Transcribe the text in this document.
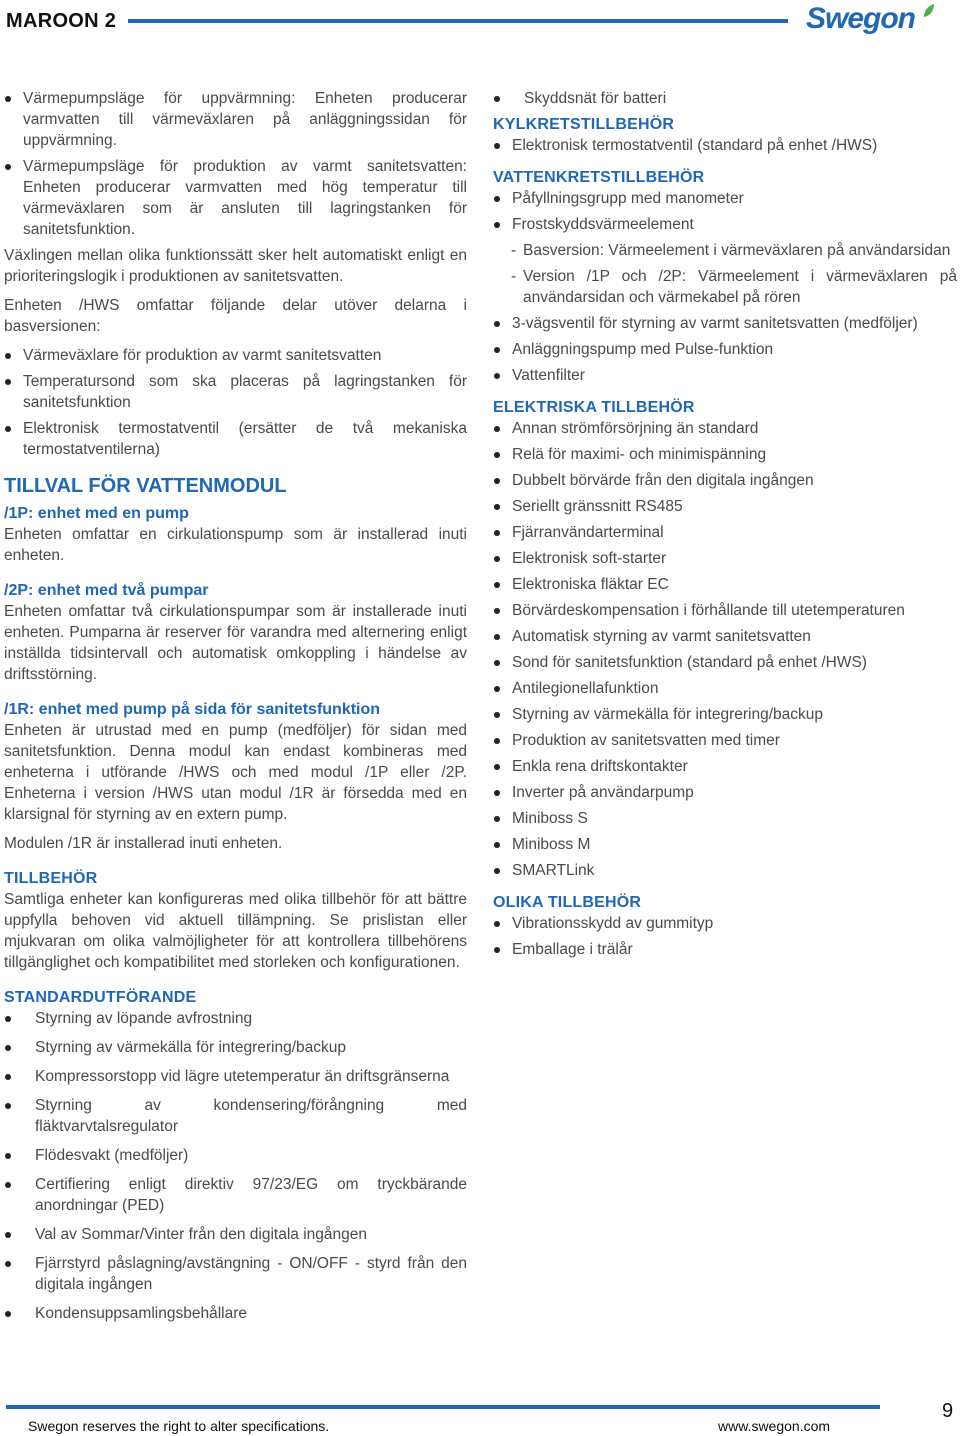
MAROON 2	Swegon
Värmepumpsläge för uppvärmning: Enheten producerar varmvatten till värmeväxlaren på anläggningssidan för uppvärmning.
Värmepumpsläge för produktion av varmt sanitetsvatten: Enheten producerar varmvatten med hög temperatur till värmeväxlaren som är ansluten till lagringstanken för sanitetsfunktion.

Växlingen mellan olika funktionssätt sker helt automatiskt enligt en prioriteringslogik i produktionen av sanitetsvatten.

Enheten /HWS omfattar följande delar utöver delarna i basversionen:

Värmeväxlare för produktion av varmt sanitetsvatten
Temperatursond som ska placeras på lagringstanken för sanitetsfunktion
Elektronisk termostatventil (ersätter de två mekaniska termostatventilerna)
TILLVAL FÖR VATTENMODUL
/1P: enhet med en pump

Enheten omfattar en cirkulationspump som är installerad inuti enheten.

/2P: enhet med två pumpar

Enheten omfattar två cirkulationspumpar som är installerade inuti enheten. Pumparna är reserver för varandra med alternering enligt inställda tidsintervall och automatisk omkoppling i händelse av driftsstörning.

/1R: enhet med pump på sida för sanitetsfunktion

Enheten är utrustad med en pump (medföljer) för sidan med sanitetsfunktion. Denna modul kan endast kombineras med enheterna i utförande /HWS och med modul /1P eller /2P. Enheterna i version /HWS utan modul /1R är försedda med en klarsignal för styrning av en extern pump.

Modulen /1R är installerad inuti enheten.

TILLBEHÖR

Samtliga enheter kan konfigureras med olika tillbehör för att bättre uppfylla behoven vid aktuell tillämpning. Se prislistan eller mjukvaran om olika valmöjligheter för att kontrollera tillbehörens tillgänglighet och kompatibilitet med storleken och konfigurationen.

STANDARDUTFÖRANDE
Styrning av löpande avfrostning
Styrning av värmekälla för integrering/backup
Kompressorstopp vid lägre utetemperatur än driftsgränserna
Styrning av kondensering/förångning med fläktvarvtalsregulator
Flödesvakt (medföljer)
Certifiering enligt direktiv 97/23/EG om tryckbärande anordningar (PED)
Val av Sommar/Vinter från den digitala ingången
Fjärrstyrd påslagning/avstängning - ON/OFF - styrd från den digitala ingången
Kondensuppsamlingsbehållare
Skyddsnät för batteri
KYLKRETSTILLBEHÖR
Elektronisk termostatventil (standard på enhet /HWS)
VATTENKRETSTILLBEHÖR
Påfyllningsgrupp med manometer
Frostskyddsvärmeelement
- Basversion: Värmeelement i värmeväxlaren på användarsidan
- Version /1P och /2P: Värmeelement i värmeväxlaren på användarsidan och värmekabel på rören
3-vägsventil för styrning av varmt sanitetsvatten (medföljer)
Anläggningspump med Pulse-funktion
Vattenfilter
ELEKTRISKA TILLBEHÖR
Annan strömförsörjning än standard
Relä för maximi- och minimispänning
Dubbelt börvärde från den digitala ingången
Seriellt gränssnitt RS485
Fjärranvändarterminal
Elektronisk soft-starter
Elektroniska fläktar EC
Börvärdeskompensation i förhållande till utetemperaturen
Automatisk styrning av varmt sanitetsvatten
Sond för sanitetsfunktion (standard på enhet /HWS)
Antilegionellafunktion
Styrning av värmekälla för integrering/backup
Produktion av sanitetsvatten med timer
Enkla rena driftskontakter
Inverter på användarpump
Miniboss S
Miniboss M
SMARTLink
OLIKA TILLBEHÖR
Vibrationsskydd av gummityp
Emballage i trälår
Swegon reserves the right to alter specifications.	www.swegon.com
9
